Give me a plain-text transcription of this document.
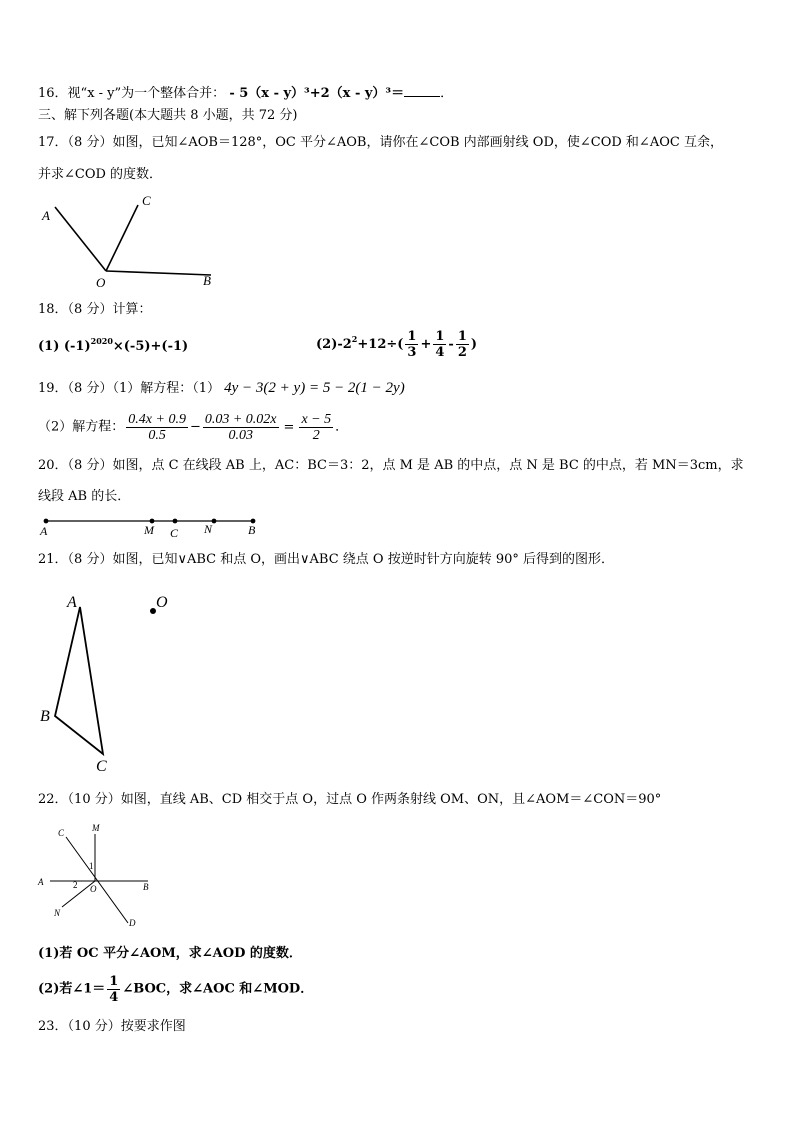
16．视“x - y”为一个整体合并： - 5（x - y）³+2（x - y）³＝	．
三、解下列各题(本大题共 8 小题，共 72 分)
17．（8 分）如图，已知∠AOB＝128°，OC 平分∠AOB，请你在∠COB 内部画射线 OD，使∠COD 和∠AOC 互余，
并求∠COD 的度数．
A
C
O	B
18．（8 分）计算：
(1) $(-1)^{2020}\times(-5)+(-1)$	$(2)-2^2+12\div( \frac{1}{3} + \frac{1}{4} - \frac{1}{2}$ )
19．（8 分）（1）解方程：（1） 4y − 3(2 + y) = 5 − 2(1 − 2y)
（2）解方程： $\frac{0.4x + 0.9}{0.5} - \frac{0.03 + 0.02x}{0.03} = \frac{x - 5}{2}$ ．
20．（8 分）如图，点 C 在线段 AB 上，AC：BC＝3：2，点 M 是 AB 的中点，点 N 是 BC 的中点，若 MN＝3cm，求
线段 AB 的长．
A	M C N	B
21．（8 分）如图，已知∨ABC 和点 O，画出∨ABC 绕点 O 按逆时针方向旋转 90° 后得到的图形．
A
B
C
O
22．（10 分）如图，直线 AB、CD 相交于点 O，过点 O 作两条射线 OM、ON，且∠AOM＝∠CON＝90°
C	M
A	B
N
D
1
2 O
(1)若 OC 平分∠AOM，求∠AOD 的度数．
(2)若∠1＝ $\frac{1}{4}$ ∠BOC，求∠AOC 和∠MOD．
23．（10 分）按要求作图
